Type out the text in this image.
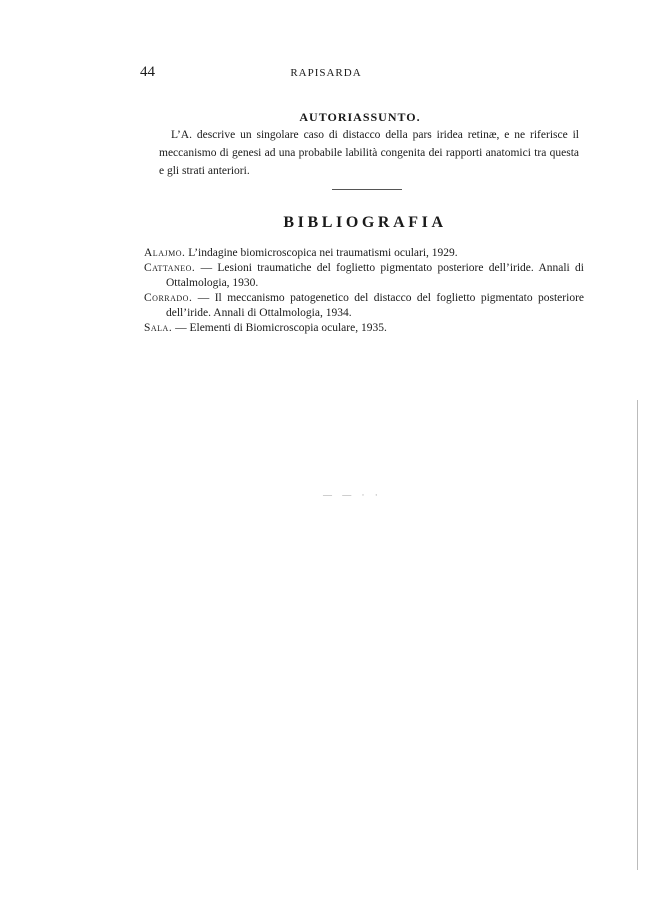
44	RAPISARDA
AUTORIASSUNTO.

L’A. descrive un singolare caso di distacco della pars iridea retinæ, e ne riferisce il meccanismo di genesi ad una probabile labilità congenita dei rapporti anatomici tra questa e gli strati anteriori.

BIBLIOGRAFIA
Alajmo. L’indagine biomicroscopica nei traumatismi oculari, 1929.
Cattaneo. — Lesioni traumatiche del foglietto pigmentato posteriore dell’iride. Annali di Ottalmologia, 1930.
Corrado. — Il meccanismo patogenetico del distacco del foglietto pigmentato posteriore dell’iride. Annali di Ottalmologia, 1934.
Sala. — Elementi di Biomicroscopia oculare, 1935.
— — · ·
